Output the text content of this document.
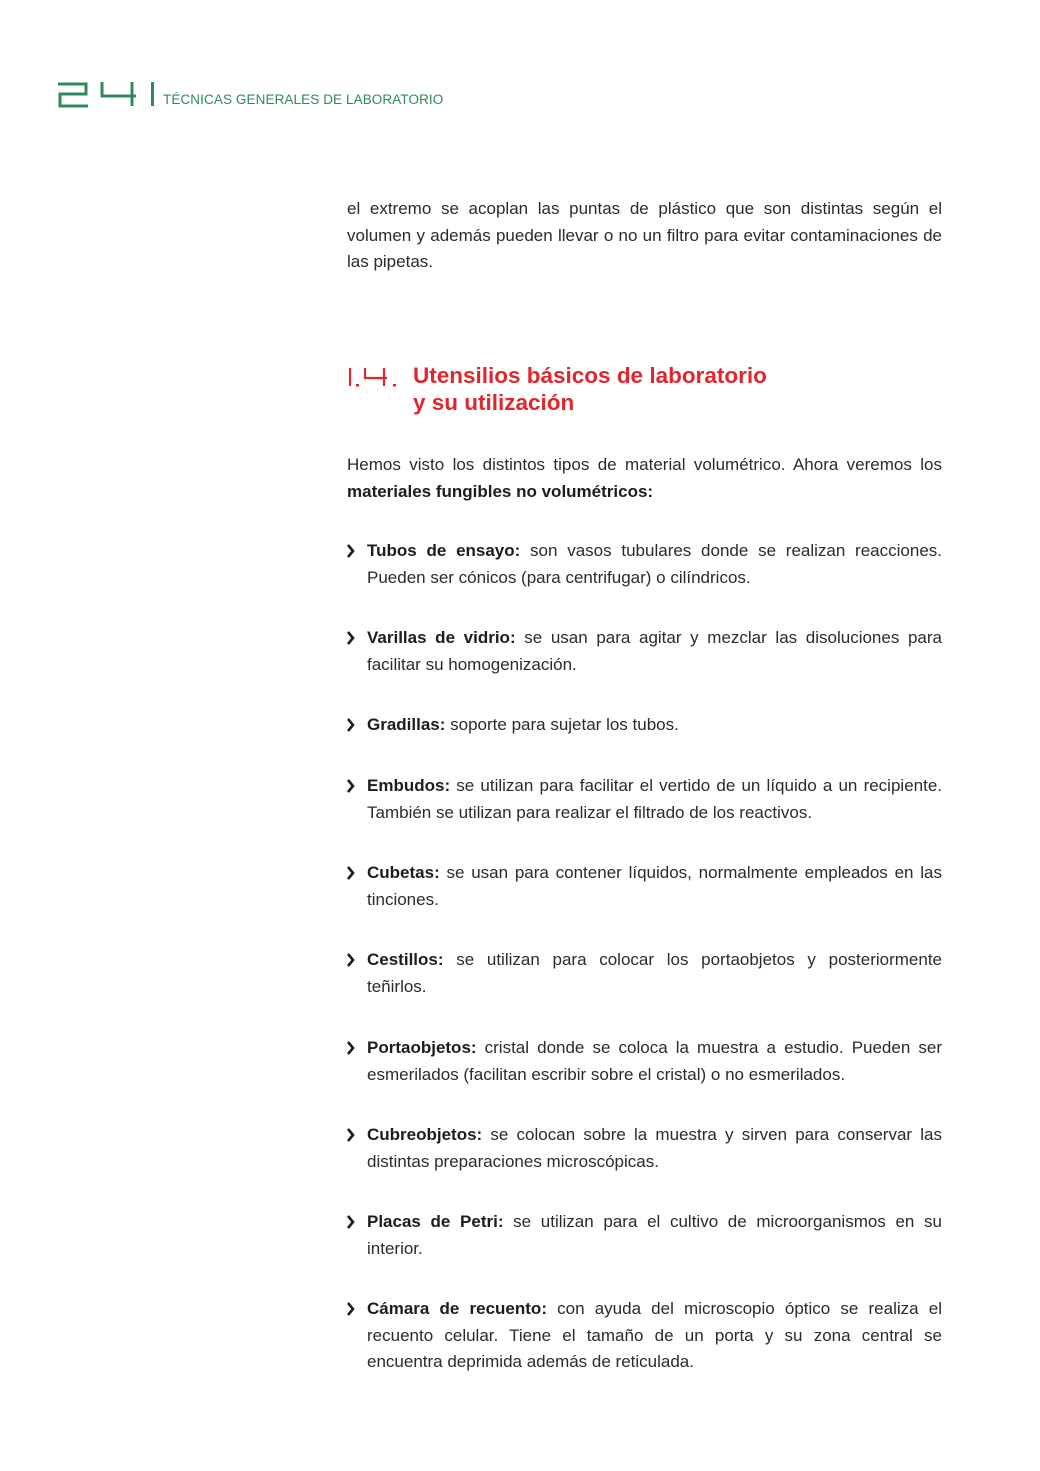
TÉCNICAS GENERALES DE LABORATORIO

el extremo se acoplan las puntas de plástico que son distintas según el volumen y además pueden llevar o no un filtro para evitar contaminaciones de las pipetas.

Utensilios básicos de laboratorio
y su utilización

Hemos visto los distintos tipos de material volumétrico. Ahora veremos los materiales fungibles no volumétricos:

Tubos de ensayo: son vasos tubulares donde se realizan reacciones. Pueden ser cónicos (para centrifugar) o cilíndricos.

Varillas de vidrio: se usan para agitar y mezclar las disoluciones para facilitar su homogenización.

Gradillas: soporte para sujetar los tubos.

Embudos: se utilizan para facilitar el vertido de un líquido a un recipiente. También se utilizan para realizar el filtrado de los reactivos.

Cubetas: se usan para contener líquidos, normalmente empleados en las tinciones.

Cestillos: se utilizan para colocar los portaobjetos y posteriormente teñirlos.

Portaobjetos: cristal donde se coloca la muestra a estudio. Pueden ser esmerilados (facilitan escribir sobre el cristal) o no esmerilados.

Cubreobjetos: se colocan sobre la muestra y sirven para conservar las distintas preparaciones microscópicas.

Placas de Petri: se utilizan para el cultivo de microorganismos en su interior.

Cámara de recuento: con ayuda del microscopio óptico se realiza el recuento celular. Tiene el tamaño de un porta y su zona central se encuentra deprimida además de reticulada.
